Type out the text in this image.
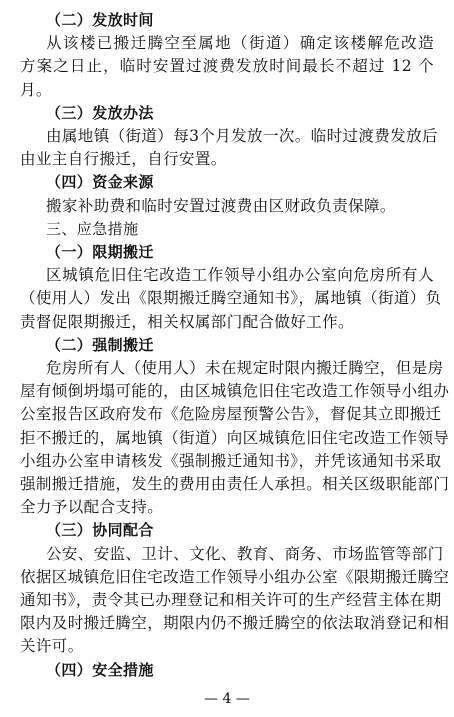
（二）发放时间
从该楼已搬迁腾空至属地（街道）确定该楼解危改造
方案之日止，临时安置过渡费发放时间最长不超过 12 个
月。
（三）发放办法
由属地镇（街道）每3个月发放一次。临时过渡费发放后
由业主自行搬迁，自行安置。
（四）资金来源
搬家补助费和临时安置过渡费由区财政负责保障。
三、应急措施
（一）限期搬迁
区城镇危旧住宅改造工作领导小组办公室向危房所有人
（使用人）发出《限期搬迁腾空通知书》，属地镇（街道）负
责督促限期搬迁，相关权属部门配合做好工作。
（二）强制搬迁
危房所有人（使用人）未在规定时限内搬迁腾空，但是房
屋有倾倒坍塌可能的，由区城镇危旧住宅改造工作领导小组办
公室报告区政府发布《危险房屋预警公告》，督促其立即搬迁
拒不搬迁的，属地镇（街道）向区城镇危旧住宅改造工作领导
小组办公室申请核发《强制搬迁通知书》，并凭该通知书采取
强制搬迁措施，发生的费用由责任人承担。相关区级职能部门
全力予以配合支持。
（三）协同配合
公安、安监、卫计、文化、教育、商务、市场监管等部门
依据区城镇危旧住宅改造工作领导小组办公室《限期搬迁腾空
通知书》，责令其已办理登记和相关许可的生产经营主体在期
限内及时搬迁腾空，期限内仍不搬迁腾空的依法取消登记和相
关许可。
（四）安全措施
— 4 —
